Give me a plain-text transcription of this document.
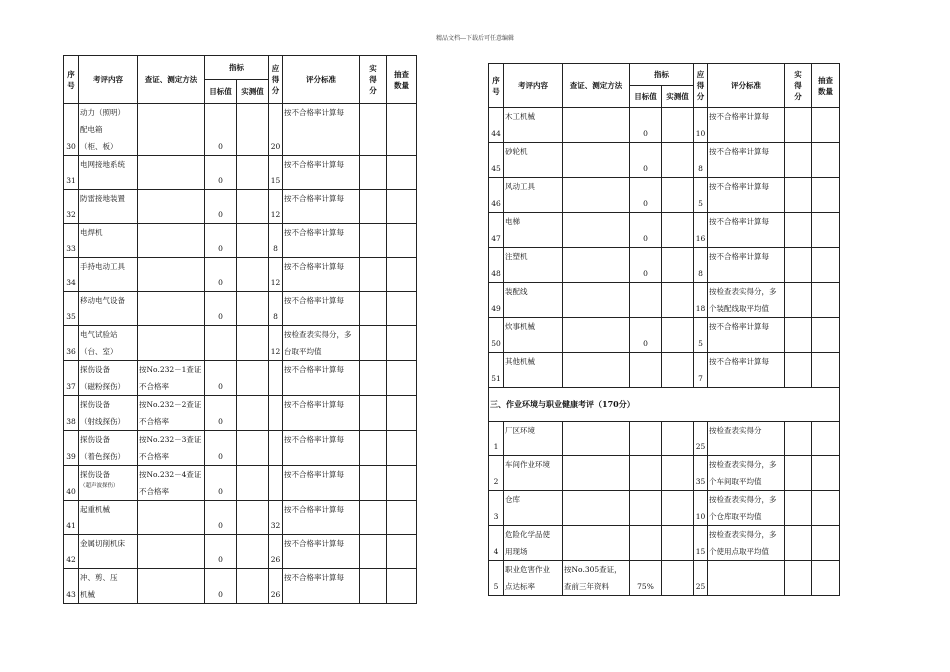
精品文档---下载后可任意编辑
序
号	考评内容	查证、测定方法	指标		应
得
分	评分标准	实
得
分	抽查
数量
			目标值	实测值				
30	动力（照明）
配电箱
（柜、板）		0		20	按不合格率计算每		
31	电网接地系统		0		15	按不合格率计算每		
32	防雷接地装置		0		12	按不合格率计算每		
33	电焊机		0		8	按不合格率计算每		
34	手持电动工具		0		12	按不合格率计算每		
35	移动电气设备		0		8	按不合格率计算每		
36	电气试验站
（台、室）				12	按检查表实得分，多
台取平均值		
37	探伤设备
（磁粉探伤）	按No.232－1查证
不合格率	0			按不合格率计算每		
38	探伤设备
（射线探伤）	按No.232－2查证
不合格率	0			按不合格率计算每		
39	探伤设备
（着色探伤）	按No.232－3查证
不合格率	0			按不合格率计算每		
40	探伤设备
（超声波探伤）	按No.232－4查证
不合格率	0			按不合格率计算每		
41	起重机械		0		32	按不合格率计算每		
42	金属切削机床		0		26	按不合格率计算每		
43	冲、剪、压
机械		0		26	按不合格率计算每		
序
号	考评内容	查证、测定方法	指标		应
得
分	评分标准	实
得
分	抽查
数量
			目标值	实测值				
44	木工机械		0		10	按不合格率计算每		
45	砂轮机		0		8	按不合格率计算每		
46	风动工具		0		5	按不合格率计算每		
47	电梯		0		16	按不合格率计算每		
48	注塑机		0		8	按不合格率计算每		
49	装配线				18	按检查表实得分，多
个装配线取平均值		
50	炊事机械		0		5	按不合格率计算每		
51	其他机械				7	按不合格率计算每		
三、作业环境与职业健康考评（170分）								
1	厂区环境				25	按检查表实得分		
2	车间作业环境				35	按检查表实得分，多
个车间取平均值		
3	仓库				10	按检查表实得分，多
个仓库取平均值		
4	危险化学品使
用现场				15	按检查表实得分，多
个使用点取平均值		
5	职业危害作业
点达标率	按No.305查证，
查前三年资料	75%		25			
